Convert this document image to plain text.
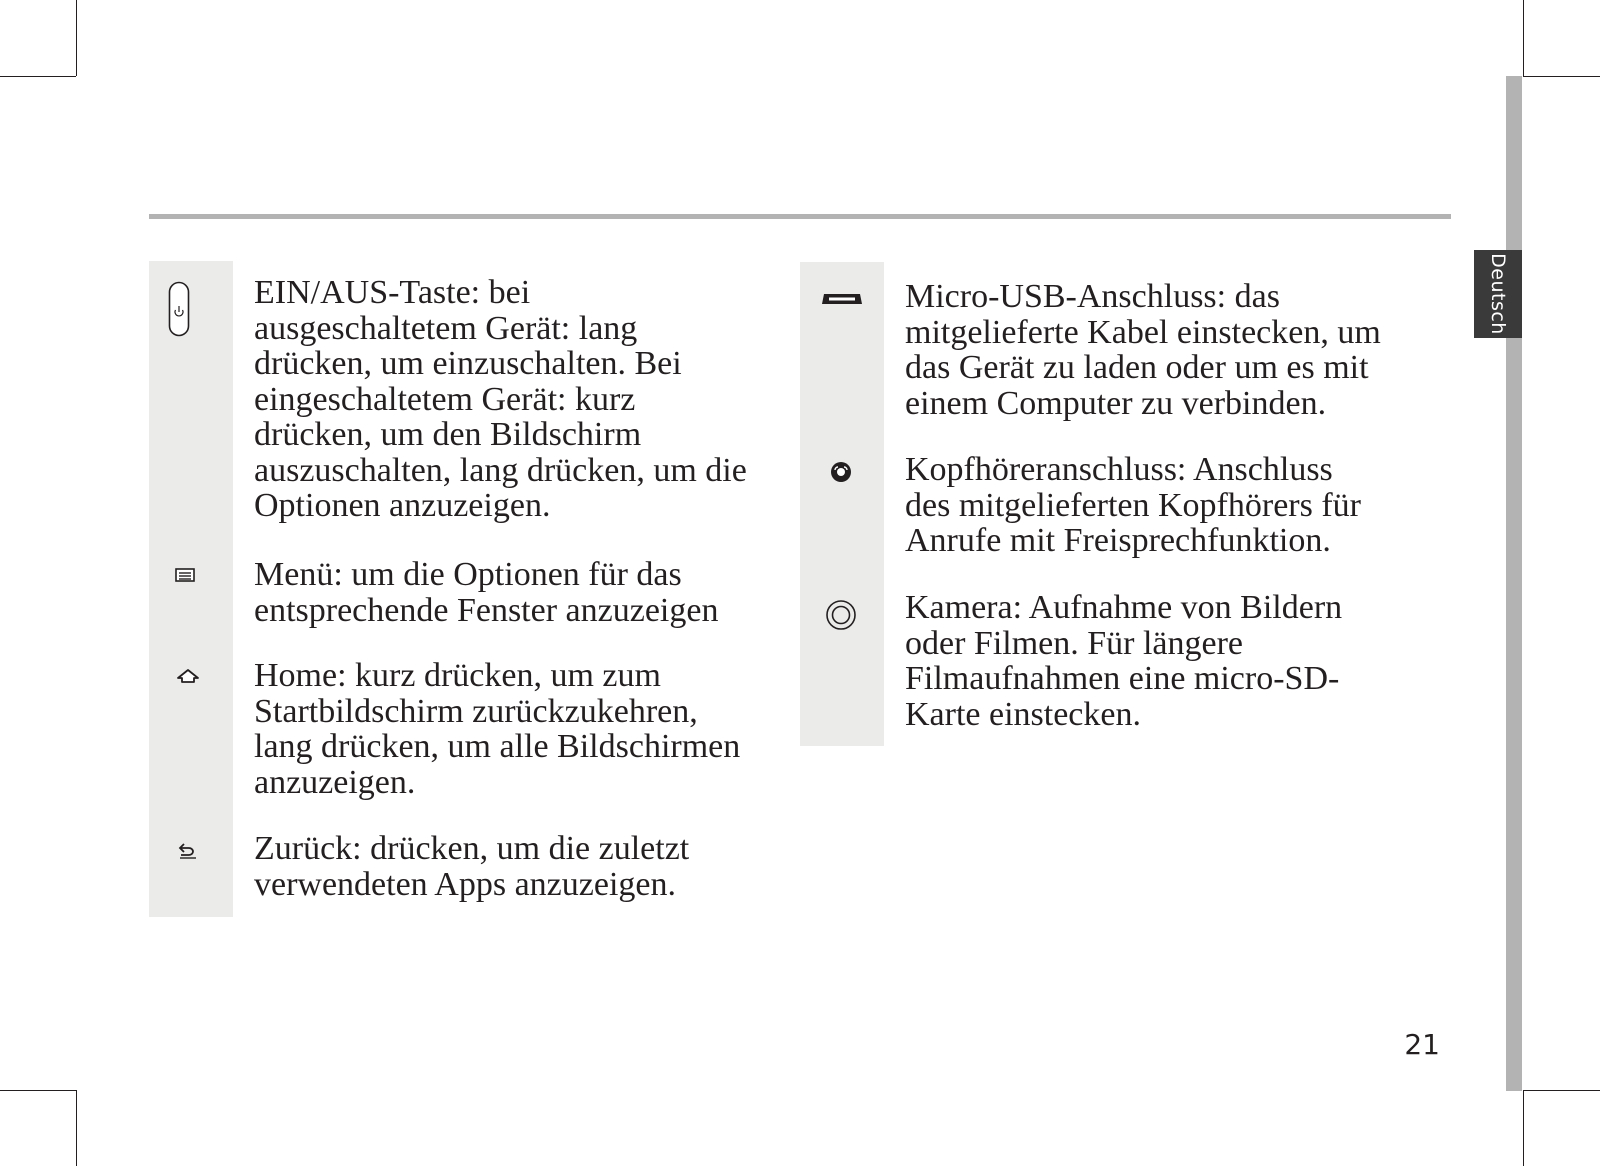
Deutsch

EIN/AUS-Taste: bei
ausgeschaltetem Gerät: lang
drücken, um einzuschalten. Bei
eingeschaltetem Gerät: kurz
drücken, um den Bildschirm
auszuschalten, lang drücken, um die
Optionen anzuzeigen.

Menü: um die Optionen für das
entsprechende Fenster anzuzeigen

Home: kurz drücken, um zum
Startbildschirm zurückzukehren,
lang drücken, um alle Bildschirmen
anzuzeigen.

Zurück: drücken, um die zuletzt
verwendeten Apps anzuzeigen.

Micro-USB-Anschluss: das
mitgelieferte Kabel einstecken, um
das Gerät zu laden oder um es mit
einem Computer zu verbinden.

Kopfhöreranschluss: Anschluss
des mitgelieferten Kopfhörers für
Anrufe mit Freisprechfunktion.

Kamera: Aufnahme von Bildern
oder Filmen. Für längere
Filmaufnahmen eine micro-SD-
Karte einstecken.

21
